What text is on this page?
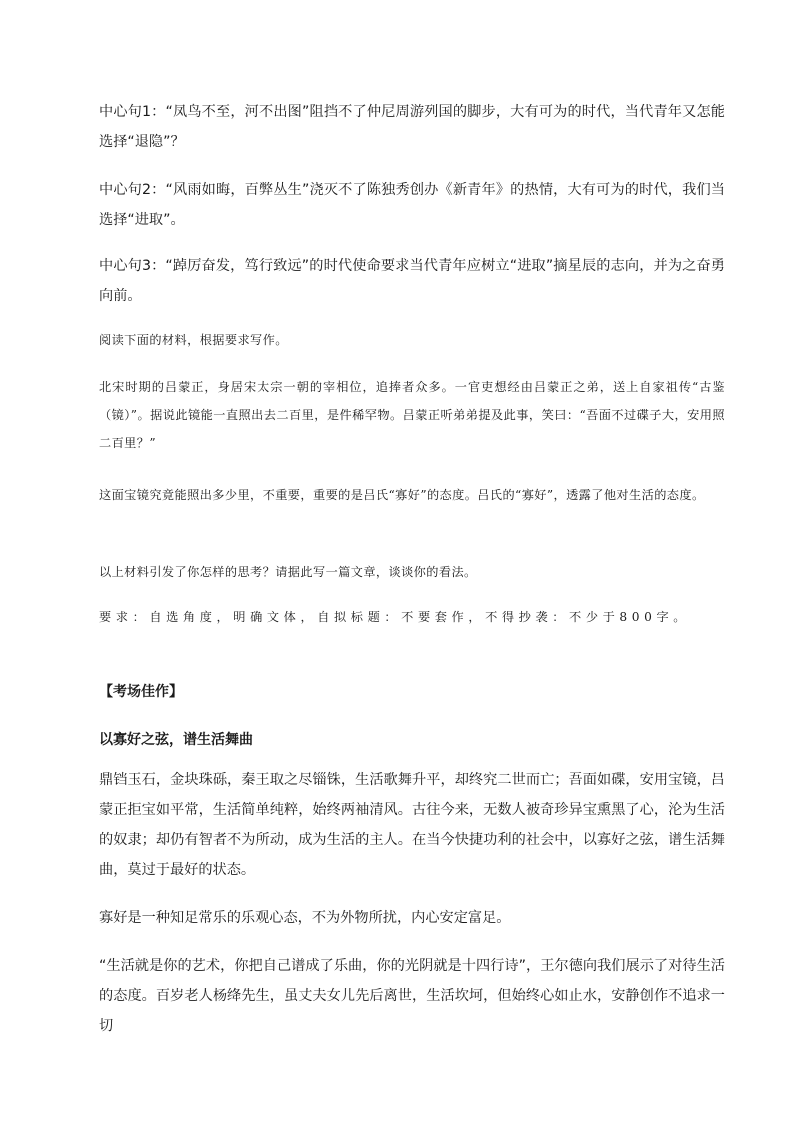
中心句1：“凤鸟不至，河不出图”阻挡不了仲尼周游列国的脚步，大有可为的时代，当代青年又怎能选择“退隐”？

中心句2：“风雨如晦，百弊丛生”浇灭不了陈独秀创办《新青年》的热情，大有可为的时代，我们当选择“进取”。

中心句3：“踔厉奋发，笃行致远”的时代使命要求当代青年应树立“进取”摘星辰的志向，并为之奋勇向前。

阅读下面的材料，根据要求写作。

北宋时期的吕蒙正，身居宋太宗一朝的宰相位，追捧者众多。一官吏想经由吕蒙正之弟，送上自家祖传“古鉴（镜）”。据说此镜能一直照出去二百里，是件稀罕物。吕蒙正听弟弟提及此事，笑曰：“吾面不过碟子大，安用照二百里？”

这面宝镜究竟能照出多少里，不重要，重要的是吕氏“寡好”的态度。吕氏的“寡好”，透露了他对生活的态度。

以上材料引发了你怎样的思考？请据此写一篇文章，谈谈你的看法。

要求：自选角度，明确文体，自拟标题：不要套作，不得抄袭：不少于800字。

【考场佳作】

以寡好之弦，谱生活舞曲

鼎铛玉石，金块珠砾，秦王取之尽锱铢，生活歌舞升平，却终究二世而亡；吾面如碟，安用宝镜，吕蒙正拒宝如平常，生活简单纯粹，始终两袖清风。古往今来，无数人被奇珍异宝熏黑了心，沦为生活的奴隶；却仍有智者不为所动，成为生活的主人。在当今快捷功利的社会中，以寡好之弦，谱生活舞曲，莫过于最好的状态。

寡好是一种知足常乐的乐观心态，不为外物所扰，内心安定富足。

“生活就是你的艺术，你把自己谱成了乐曲，你的光阴就是十四行诗”，王尔德向我们展示了对待生活的态度。百岁老人杨绛先生，虽丈夫女儿先后离世，生活坎坷，但始终心如止水，安静创作不追求一切
